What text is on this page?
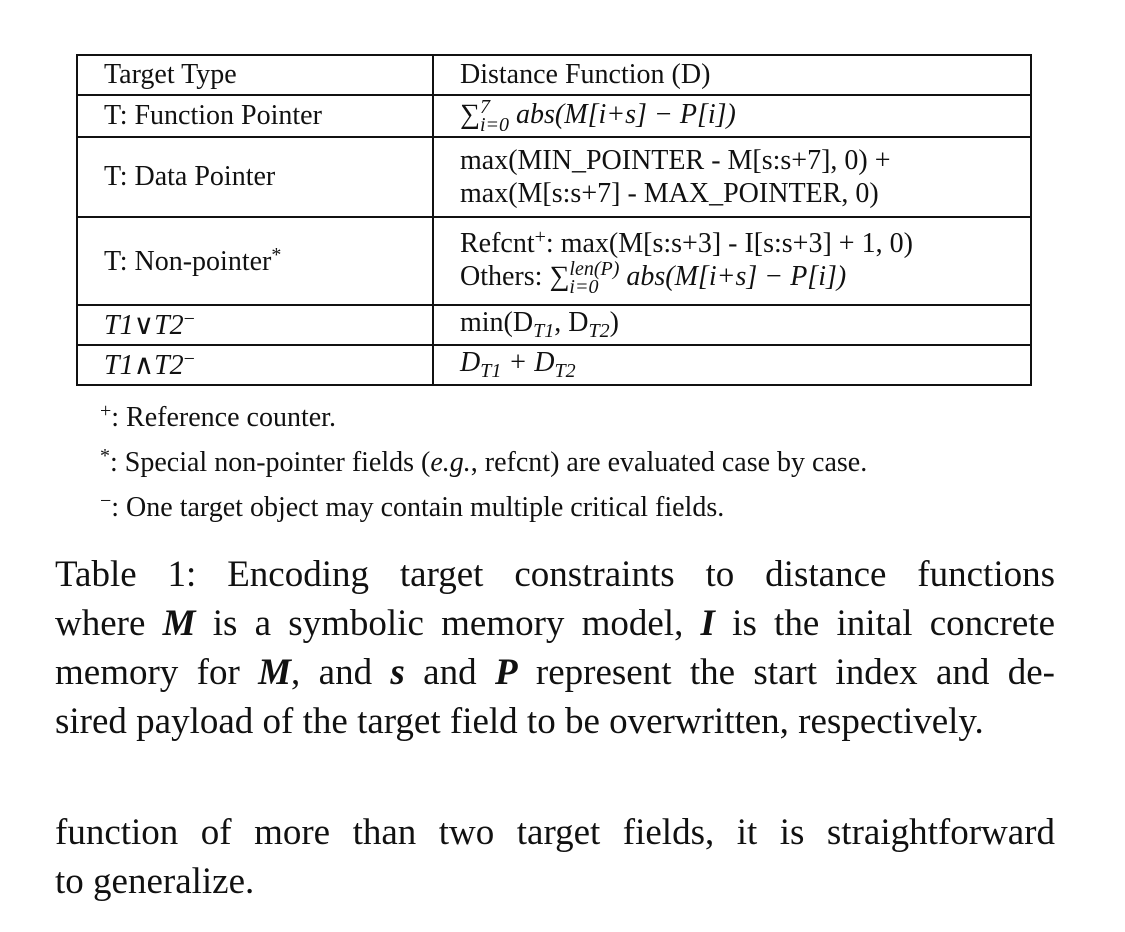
Target Type	Distance Function (D)
T: Function Pointer	∑ 7
i=0 abs(M[i+s] − P[i])
T: Data Pointer	max(MIN_POINTER - M[s:s+7], 0) +
max(M[s:s+7] - MAX_POINTER, 0)

T: Non-pointer*	Refcnt+: max(M[s:s+3] - I[s:s+3] + 1, 0)
Others: ∑ len(P)
i=0 abs(M[i+s] − P[i])

T1∨T2−	$\min(D_{T1}$, $D_{T2}$)
T1∧T2−	$D_{T1} + D_{T2}$
+: Reference counter.
*: Special non-pointer fields (e.g., refcnt) are evaluated case by case.
−: One target object may contain multiple critical fields.
Table 1: Encoding target constraints to distance functions
where M is a symbolic memory model, I is the inital concrete
memory for M, and s and P represent the start index and de-
sired payload of the target field to be overwritten, respectively.
function of more than two target fields, it is straightforward
to generalize.
